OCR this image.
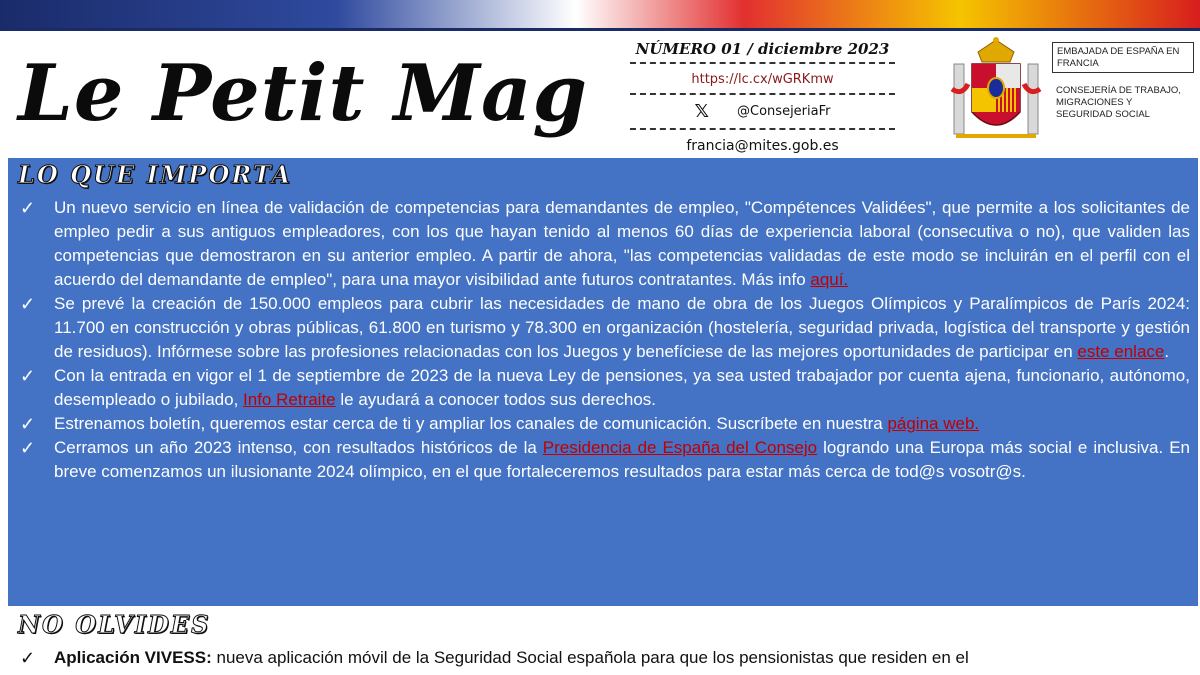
Le Petit Mag	NÚMERO 01 / diciembre 2023
https://lc.cx/wGRKmw
𝕏 @ConsejeriaFr
francia@mites.gob.es
EMBAJADA DE ESPAÑA EN FRANCIA
CONSEJERÍA DE TRABAJO, MIGRACIONES Y SEGURIDAD SOCIAL
LO QUE IMPORTA
✓ Un nuevo servicio en línea de validación de competencias para demandantes de empleo, "Compétences Validées", que permite a los solicitantes de empleo pedir a sus antiguos empleadores, con los que hayan tenido al menos 60 días de experiencia laboral (consecutiva o no), que validen las competencias que demostraron en su anterior empleo. A partir de ahora, "las competencias validadas de este modo se incluirán en el perfil con el acuerdo del demandante de empleo", para una mayor visibilidad ante futuros contratantes. Más info aquí.
✓ Se prevé la creación de 150.000 empleos para cubrir las necesidades de mano de obra de los Juegos Olímpicos y Paralímpicos de París 2024: 11.700 en construcción y obras públicas, 61.800 en turismo y 78.300 en organización (hostelería, seguridad privada, logística del transporte y gestión de residuos). Infórmese sobre las profesiones relacionadas con los Juegos y benefíciese de las mejores oportunidades de participar en este enlace.
✓ Con la entrada en vigor el 1 de septiembre de 2023 de la nueva Ley de pensiones, ya sea usted trabajador por cuenta ajena, funcionario, autónomo, desempleado o jubilado, Info Retraite le ayudará a conocer todos sus derechos.
✓ Estrenamos boletín, queremos estar cerca de ti y ampliar los canales de comunicación. Suscríbete en nuestra página web.
✓ Cerramos un año 2023 intenso, con resultados históricos de la Presidencia de España del Consejo logrando una Europa más social e inclusiva. En breve comenzamos un ilusionante 2024 olímpico, en el que fortaleceremos resultados para estar más cerca de tod@s vosotr@s.
NO OLVIDES
✓ Aplicación VIVESS: nueva aplicación móvil de la Seguridad Social española para que los pensionistas que residen en el
